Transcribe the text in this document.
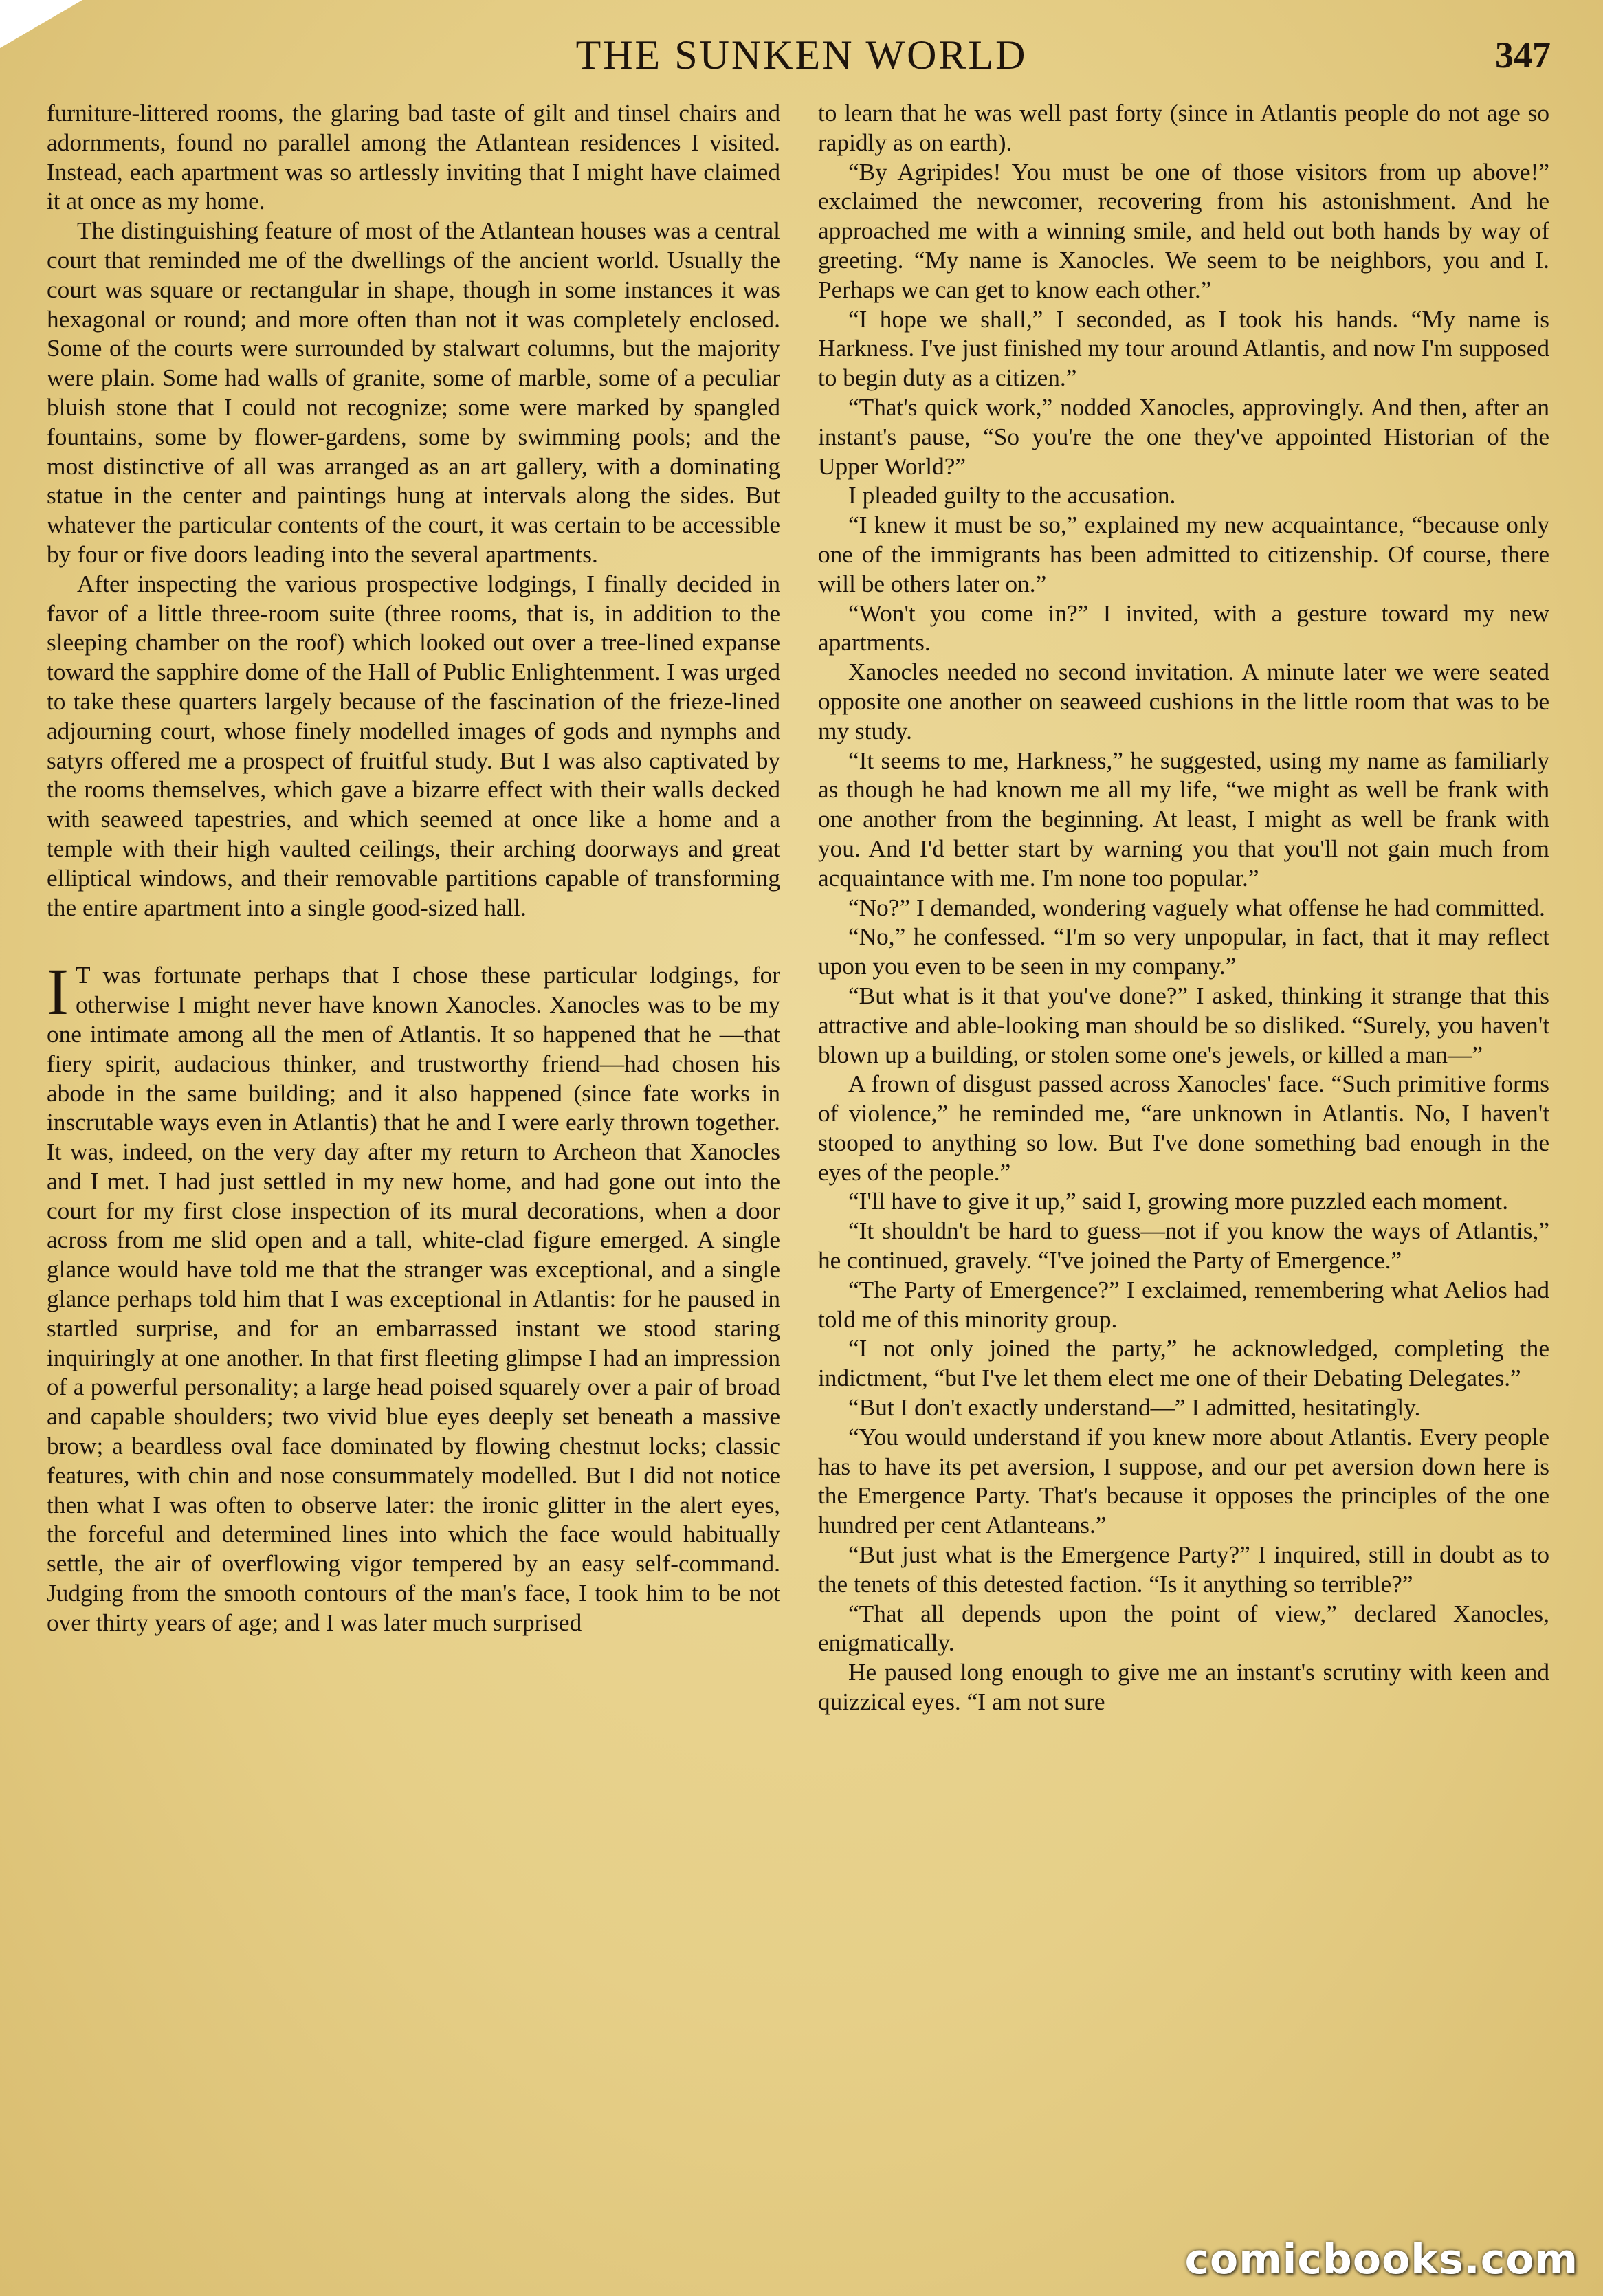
THE SUNKEN WORLD	347

furniture-littered rooms, the glaring bad taste of gilt and tinsel chairs and adornments, found no parallel among the Atlantean residences I visited. Instead, each apartment was so artlessly inviting that I might have claimed it at once as my home.

The distinguishing feature of most of the Atlantean houses was a central court that reminded me of the dwellings of the ancient world. Usually the court was square or rectangular in shape, though in some instances it was hexagonal or round; and more often than not it was completely enclosed. Some of the courts were surrounded by stalwart columns, but the majority were plain. Some had walls of granite, some of marble, some of a peculiar bluish stone that I could not recognize; some were marked by spangled fountains, some by flower-gardens, some by swimming pools; and the most distinctive of all was arranged as an art gallery, with a dominating statue in the center and paintings hung at intervals along the sides. But whatever the particular contents of the court, it was certain to be accessible by four or five doors leading into the several apartments.

After inspecting the various prospective lodgings, I finally decided in favor of a little three-room suite (three rooms, that is, in addition to the sleeping chamber on the roof) which looked out over a tree-lined expanse toward the sapphire dome of the Hall of Public Enlightenment. I was urged to take these quarters largely because of the fascination of the frieze-lined adjourning court, whose finely modelled images of gods and nymphs and satyrs offered me a prospect of fruitful study. But I was also captivated by the rooms themselves, which gave a bizarre effect with their walls decked with seaweed tapestries, and which seemed at once like a home and a temple with their high vaulted ceilings, their arching doorways and great elliptical windows, and their removable partitions capable of transforming the entire apartment into a single good-sized hall.

I T was fortunate perhaps that I chose these particular lodgings, for otherwise I might never have known Xanocles. Xanocles was to be my one intimate among all the men of Atlantis. It so happened that he —that fiery spirit, audacious thinker, and trustworthy friend—had chosen his abode in the same building; and it also happened (since fate works in inscrutable ways even in Atlantis) that he and I were early thrown together. It was, indeed, on the very day after my return to Archeon that Xanocles and I met. I had just settled in my new home, and had gone out into the court for my first close inspection of its mural decorations, when a door across from me slid open and a tall, white-clad figure emerged. A single glance would have told me that the stranger was exceptional, and a single glance perhaps told him that I was exceptional in Atlantis: for he paused in startled surprise, and for an embarrassed instant we stood staring inquiringly at one another. In that first fleeting glimpse I had an impression of a powerful personality; a large head poised squarely over a pair of broad and capable shoulders; two vivid blue eyes deeply set beneath a massive brow; a beardless oval face dominated by flowing chestnut locks; classic features, with chin and nose consummately modelled. But I did not notice then what I was often to observe later: the ironic glitter in the alert eyes, the forceful and determined lines into which the face would habitually settle, the air of overflowing vigor tempered by an easy self-command. Judging from the smooth contours of the man's face, I took him to be not over thirty years of age; and I was later much surprised

to learn that he was well past forty (since in Atlantis people do not age so rapidly as on earth).

“By Agripides! You must be one of those visitors from up above!” exclaimed the newcomer, recovering from his astonishment. And he approached me with a winning smile, and held out both hands by way of greeting. “My name is Xanocles. We seem to be neighbors, you and I. Perhaps we can get to know each other.”

“I hope we shall,” I seconded, as I took his hands. “My name is Harkness. I've just finished my tour around Atlantis, and now I'm supposed to begin duty as a citizen.”

“That's quick work,” nodded Xanocles, approvingly. And then, after an instant's pause, “So you're the one they've appointed Historian of the Upper World?”

I pleaded guilty to the accusation.

“I knew it must be so,” explained my new acquaintance, “because only one of the immigrants has been admitted to citizenship. Of course, there will be others later on.”

“Won't you come in?” I invited, with a gesture toward my new apartments.

Xanocles needed no second invitation. A minute later we were seated opposite one another on seaweed cushions in the little room that was to be my study.

“It seems to me, Harkness,” he suggested, using my name as familiarly as though he had known me all my life, “we might as well be frank with one another from the beginning. At least, I might as well be frank with you. And I'd better start by warning you that you'll not gain much from acquaintance with me. I'm none too popular.”

“No?” I demanded, wondering vaguely what offense he had committed.

“No,” he confessed. “I'm so very unpopular, in fact, that it may reflect upon you even to be seen in my company.”

“But what is it that you've done?” I asked, thinking it strange that this attractive and able-looking man should be so disliked. “Surely, you haven't blown up a building, or stolen some one's jewels, or killed a man—”

A frown of disgust passed across Xanocles' face. “Such primitive forms of violence,” he reminded me, “are unknown in Atlantis. No, I haven't stooped to anything so low. But I've done something bad enough in the eyes of the people.”

“I'll have to give it up,” said I, growing more puzzled each moment.

“It shouldn't be hard to guess—not if you know the ways of Atlantis,” he continued, gravely. “I've joined the Party of Emergence.”

“The Party of Emergence?” I exclaimed, remembering what Aelios had told me of this minority group.

“I not only joined the party,” he acknowledged, completing the indictment, “but I've let them elect me one of their Debating Delegates.”

“But I don't exactly understand—” I admitted, hesitatingly.

“You would understand if you knew more about Atlantis. Every people has to have its pet aversion, I suppose, and our pet aversion down here is the Emergence Party. That's because it opposes the principles of the one hundred per cent Atlanteans.”

“But just what is the Emergence Party?” I inquired, still in doubt as to the tenets of this detested faction. “Is it anything so terrible?”

“That all depends upon the point of view,” declared Xanocles, enigmatically.

He paused long enough to give me an instant's scrutiny with keen and quizzical eyes. “I am not sure

comicbooks.com
